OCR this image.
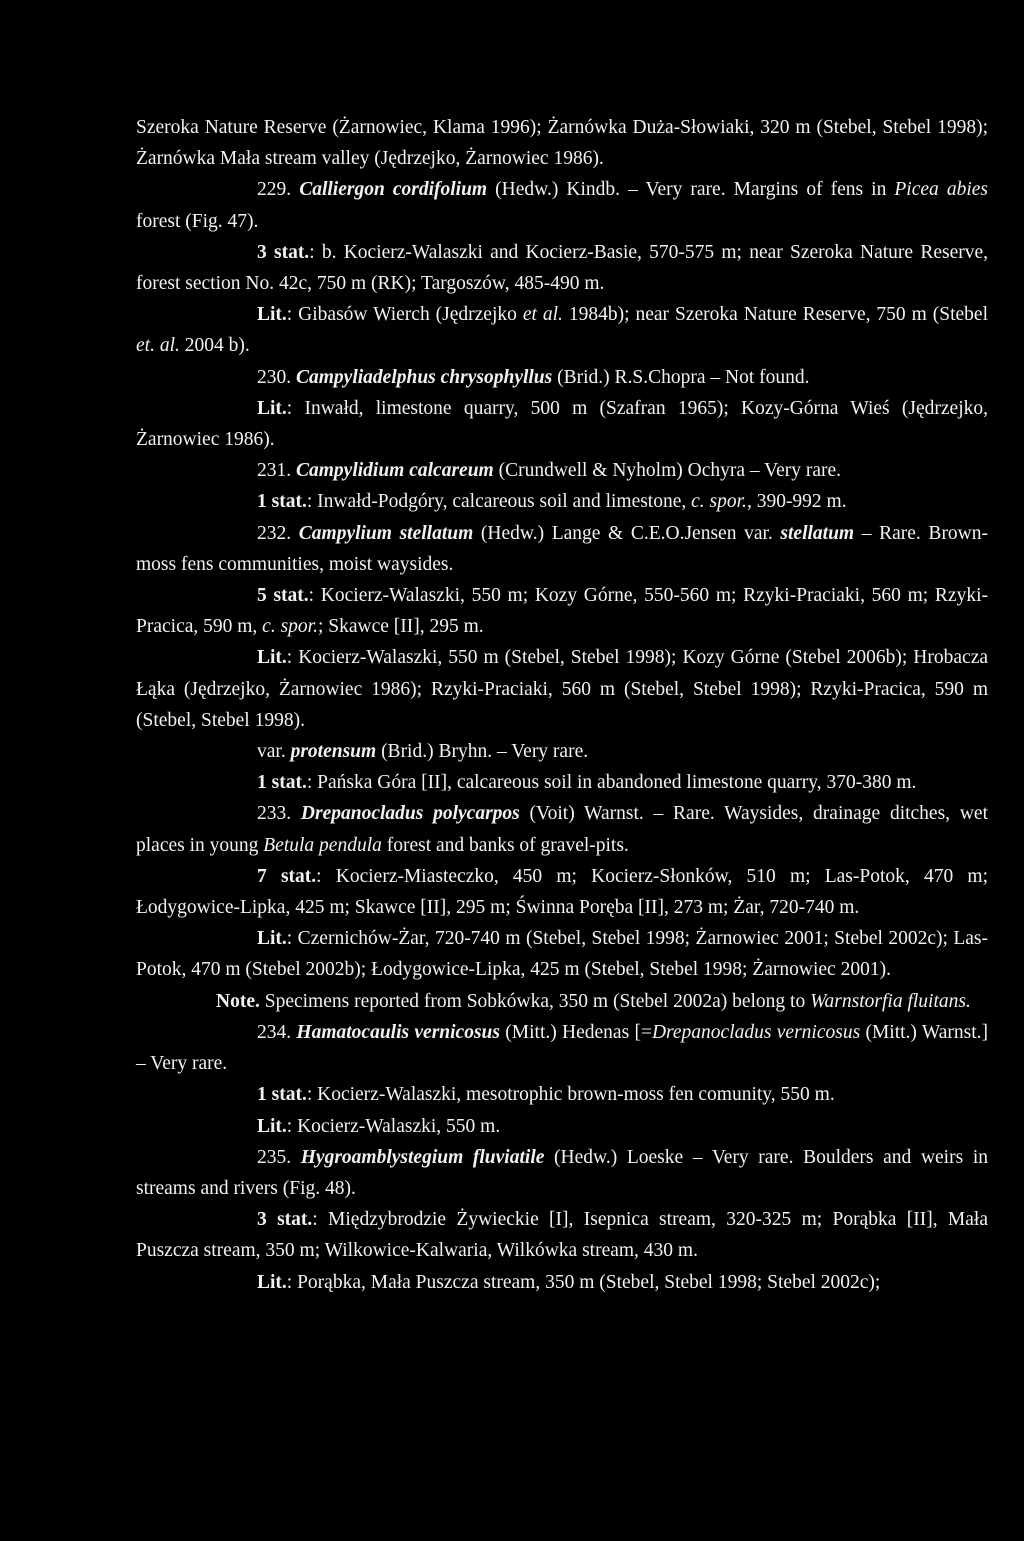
Szeroka Nature Reserve (Żarnowiec, Klama 1996); Żarnówka Duża-Słowiaki, 320 m (Stebel, Stebel 1998); Żarnówka Mała stream valley (Jędrzejko, Żarnowiec 1986).

229. Calliergon cordifolium (Hedw.) Kindb. – Very rare. Margins of fens in Picea abies forest (Fig. 47).

3 stat.: b. Kocierz-Walaszki and Kocierz-Basie, 570-575 m; near Szeroka Nature Reserve, forest section No. 42c, 750 m (RK); Targoszów, 485-490 m.

Lit.: Gibasów Wierch (Jędrzejko et al. 1984b); near Szeroka Nature Reserve, 750 m (Stebel et. al. 2004 b).

230. Campyliadelphus chrysophyllus (Brid.) R.S.Chopra – Not found.

Lit.: Inwałd, limestone quarry, 500 m (Szafran 1965); Kozy-Górna Wieś (Jędrzejko, Żarnowiec 1986).

231. Campylidium calcareum (Crundwell & Nyholm) Ochyra – Very rare.

1 stat.: Inwałd-Podgóry, calcareous soil and limestone, c. spor., 390-992 m.

232. Campylium stellatum (Hedw.) Lange & C.E.O.Jensen var. stellatum – Rare. Brown-moss fens communities, moist waysides.

5 stat.: Kocierz-Walaszki, 550 m; Kozy Górne, 550-560 m; Rzyki-Praciaki, 560 m; Rzyki-Pracica, 590 m, c. spor.; Skawce [II], 295 m.

Lit.: Kocierz-Walaszki, 550 m (Stebel, Stebel 1998); Kozy Górne (Stebel 2006b); Hrobacza Łąka (Jędrzejko, Żarnowiec 1986); Rzyki-Praciaki, 560 m (Stebel, Stebel 1998); Rzyki-Pracica, 590 m (Stebel, Stebel 1998).

var. protensum (Brid.) Bryhn. – Very rare.

1 stat.: Pańska Góra [II], calcareous soil in abandoned limestone quarry, 370-380 m.

233. Drepanocladus polycarpos (Voit) Warnst. – Rare. Waysides, drainage ditches, wet places in young Betula pendula forest and banks of gravel-pits.

7 stat.: Kocierz-Miasteczko, 450 m; Kocierz-Słonków, 510 m; Las-Potok, 470 m; Łodygowice-Lipka, 425 m; Skawce [II], 295 m; Świnna Poręba [II], 273 m; Żar, 720-740 m.

Lit.: Czernichów-Żar, 720-740 m (Stebel, Stebel 1998; Żarnowiec 2001; Stebel 2002c); Las-Potok, 470 m (Stebel 2002b); Łodygowice-Lipka, 425 m (Stebel, Stebel 1998; Żarnowiec 2001).

Note. Specimens reported from Sobkówka, 350 m (Stebel 2002a) belong to Warnstorfia fluitans.

234. Hamatocaulis vernicosus (Mitt.) Hedenas [=Drepanocladus vernicosus (Mitt.) Warnst.] – Very rare.

1 stat.: Kocierz-Walaszki, mesotrophic brown-moss fen comunity, 550 m.

Lit.: Kocierz-Walaszki, 550 m.

235. Hygroamblystegium fluviatile (Hedw.) Loeske – Very rare. Boulders and weirs in streams and rivers (Fig. 48).

3 stat.: Międzybrodzie Żywieckie [I], Isepnica stream, 320-325 m; Porąbka [II], Mała Puszcza stream, 350 m; Wilkowice-Kalwaria, Wilkówka stream, 430 m.

Lit.: Porąbka, Mała Puszcza stream, 350 m (Stebel, Stebel 1998; Stebel 2002c);
